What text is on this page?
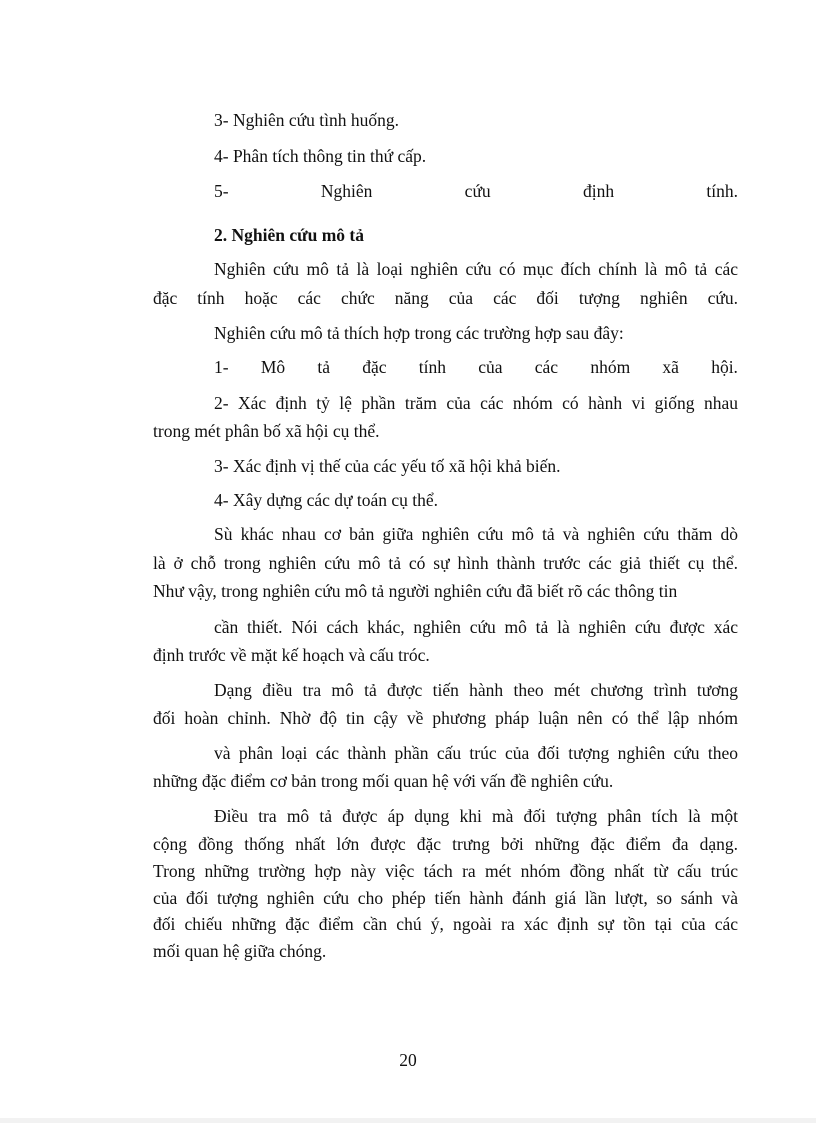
3- Nghiên cứu tình huống.
4- Phân tích thông tin thứ cấp.
5-	Nghiên	cứu	định	tính.
2. Nghiên cứu mô tả
Nghiên cứu mô tả là loại nghiên cứu có mục đích chính là mô tả các
đặc tính hoặc các chức năng của các đối tượng nghiên cứu.
Nghiên cứu mô tả thích hợp trong các trường hợp sau đây:
1- Mô tả đặc tính của các nhóm xã hội.
2- Xác định tỷ lệ phần trăm của các nhóm có hành vi giống nhau
trong mét phân bố xã hội cụ thể.
3- Xác định vị thế của các yếu tố xã hội khả biến.
4- Xây dựng các dự toán cụ thể.
Sù khác nhau cơ bản giữa nghiên cứu mô tả và nghiên cứu thăm dò
là ở chỗ trong nghiên cứu mô tả có sự hình thành trước các giả thiết cụ thể.
Như vậy, trong nghiên cứu mô tả người nghiên cứu đã biết rõ các thông tin
cần thiết. Nói cách khác, nghiên cứu mô tả là nghiên cứu được xác
định trước về mặt kế hoạch và cấu tróc.
Dạng điều tra mô tả được tiến hành theo mét chương trình tương
đối hoàn chỉnh. Nhờ độ tin cậy về phương pháp luận nên có thể lập nhóm
và phân loại các thành phần cấu trúc của đối tượng nghiên cứu theo
những đặc điểm cơ bản trong mối quan hệ với vấn đề nghiên cứu.
Điều tra mô tả được áp dụng khi mà đối tượng phân tích là một
cộng đồng thống nhất lớn được đặc trưng bởi những đặc điểm đa dạng.
Trong những trường hợp này việc tách ra mét nhóm đồng nhất từ cấu trúc
của đối tượng nghiên cứu cho phép tiến hành đánh giá lần lượt, so sánh và
đối chiếu những đặc điểm cần chú ý, ngoài ra xác định sự tồn tại của các
mối quan hệ giữa chóng.
20
